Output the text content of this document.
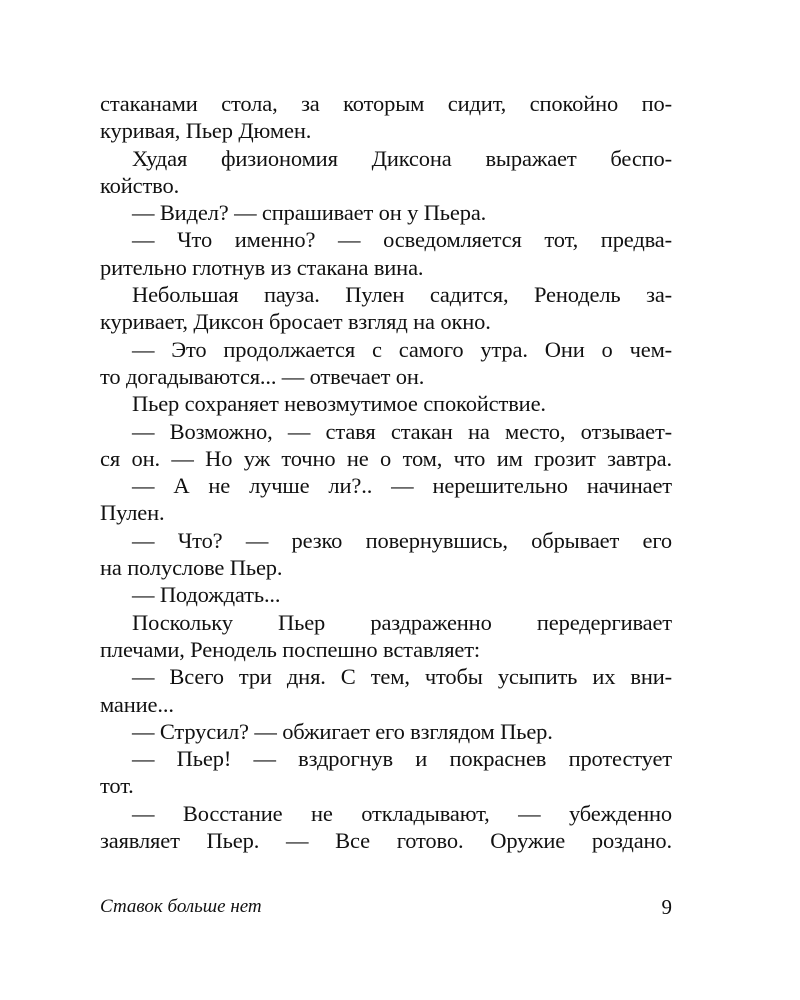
стаканами стола, за которым сидит, спокойно по-
куривая, Пьер Дюмен.
Худая физиономия Диксона выражает беспо-
койство.
— Видел? — спрашивает он у Пьера.
— Что именно? — осведомляется тот, предва-
рительно глотнув из стакана вина.
Небольшая пауза. Пулен садится, Ренодель за-
куривает, Диксон бросает взгляд на окно.
— Это продолжается с самого утра. Они о чем-
то догадываются... — отвечает он.
Пьер сохраняет невозмутимое спокойствие.
— Возможно, — ставя стакан на место, отзывает-
ся он. — Но уж точно не о том, что им грозит завтра.
— А не лучше ли?.. — нерешительно начинает
Пулен.
— Что? — резко повернувшись, обрывает его
на полуслове Пьер.
— Подождать...
Поскольку Пьер раздраженно передергивает
плечами, Ренодель поспешно вставляет:
— Всего три дня. С тем, чтобы усыпить их вни-
мание...
— Струсил? — обжигает его взглядом Пьер.
— Пьер! — вздрогнув и покраснев протестует
тот.
— Восстание не откладывают, — убежденно
заявляет Пьер. — Все готово. Оружие роздано.
Ставок больше нет	9
